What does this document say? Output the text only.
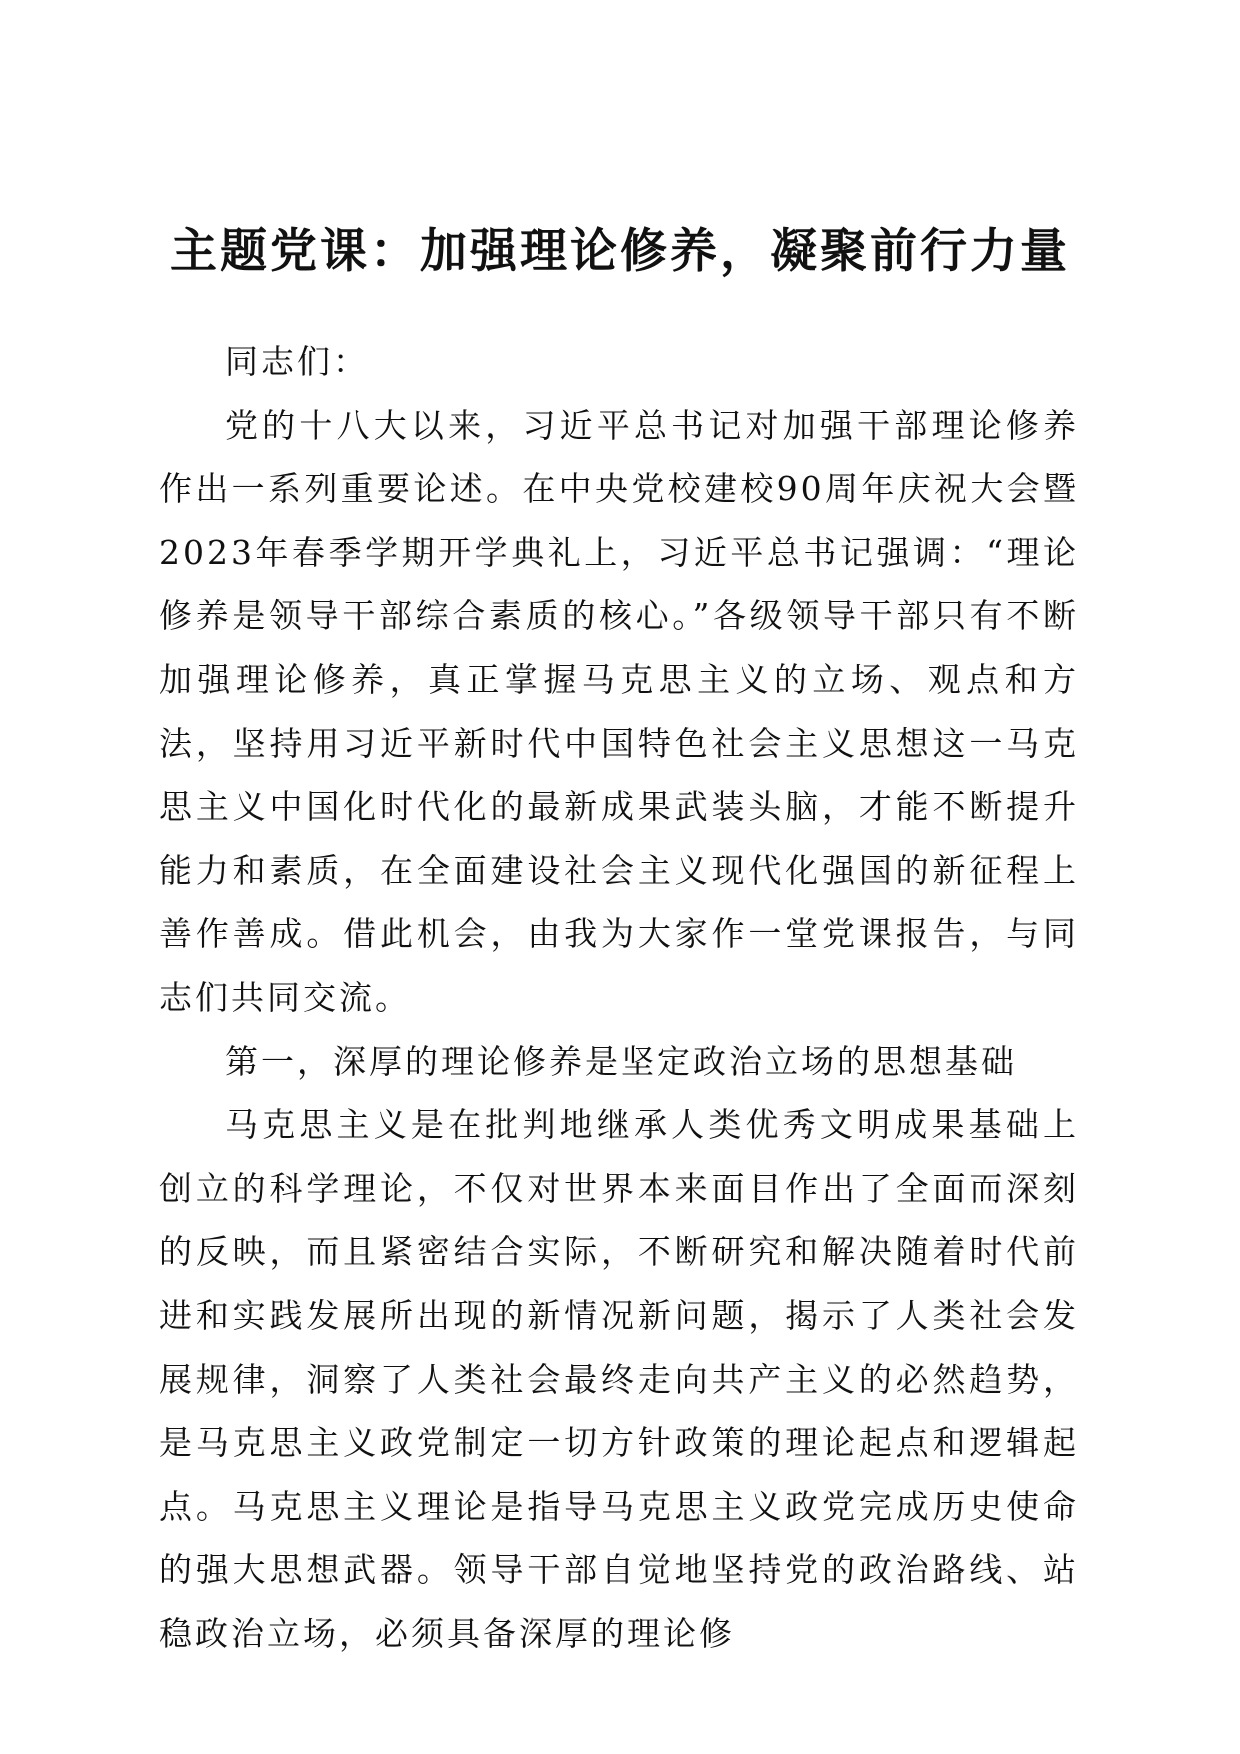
主题党课：加强理论修养，凝聚前行力量

同志们：

党的十八大以来，习近平总书记对加强干部理论修养作出一系列重要论述。在中央党校建校90周年庆祝大会暨2023年春季学期开学典礼上，习近平总书记强调：“理论修养是领导干部综合素质的核心。”各级领导干部只有不断加强理论修养，真正掌握马克思主义的立场、观点和方法，坚持用习近平新时代中国特色社会主义思想这一马克思主义中国化时代化的最新成果武装头脑，才能不断提升能力和素质，在全面建设社会主义现代化强国的新征程上善作善成。借此机会，由我为大家作一堂党课报告，与同志们共同交流。

第一，深厚的理论修养是坚定政治立场的思想基础

马克思主义是在批判地继承人类优秀文明成果基础上创立的科学理论，不仅对世界本来面目作出了全面而深刻的反映，而且紧密结合实际，不断研究和解决随着时代前进和实践发展所出现的新情况新问题，揭示了人类社会发展规律，洞察了人类社会最终走向共产主义的必然趋势，是马克思主义政党制定一切方针政策的理论起点和逻辑起点。马克思主义理论是指导马克思主义政党完成历史使命的强大思想武器。领导干部自觉地坚持党的政治路线、站稳政治立场，必须具备深厚的理论修
